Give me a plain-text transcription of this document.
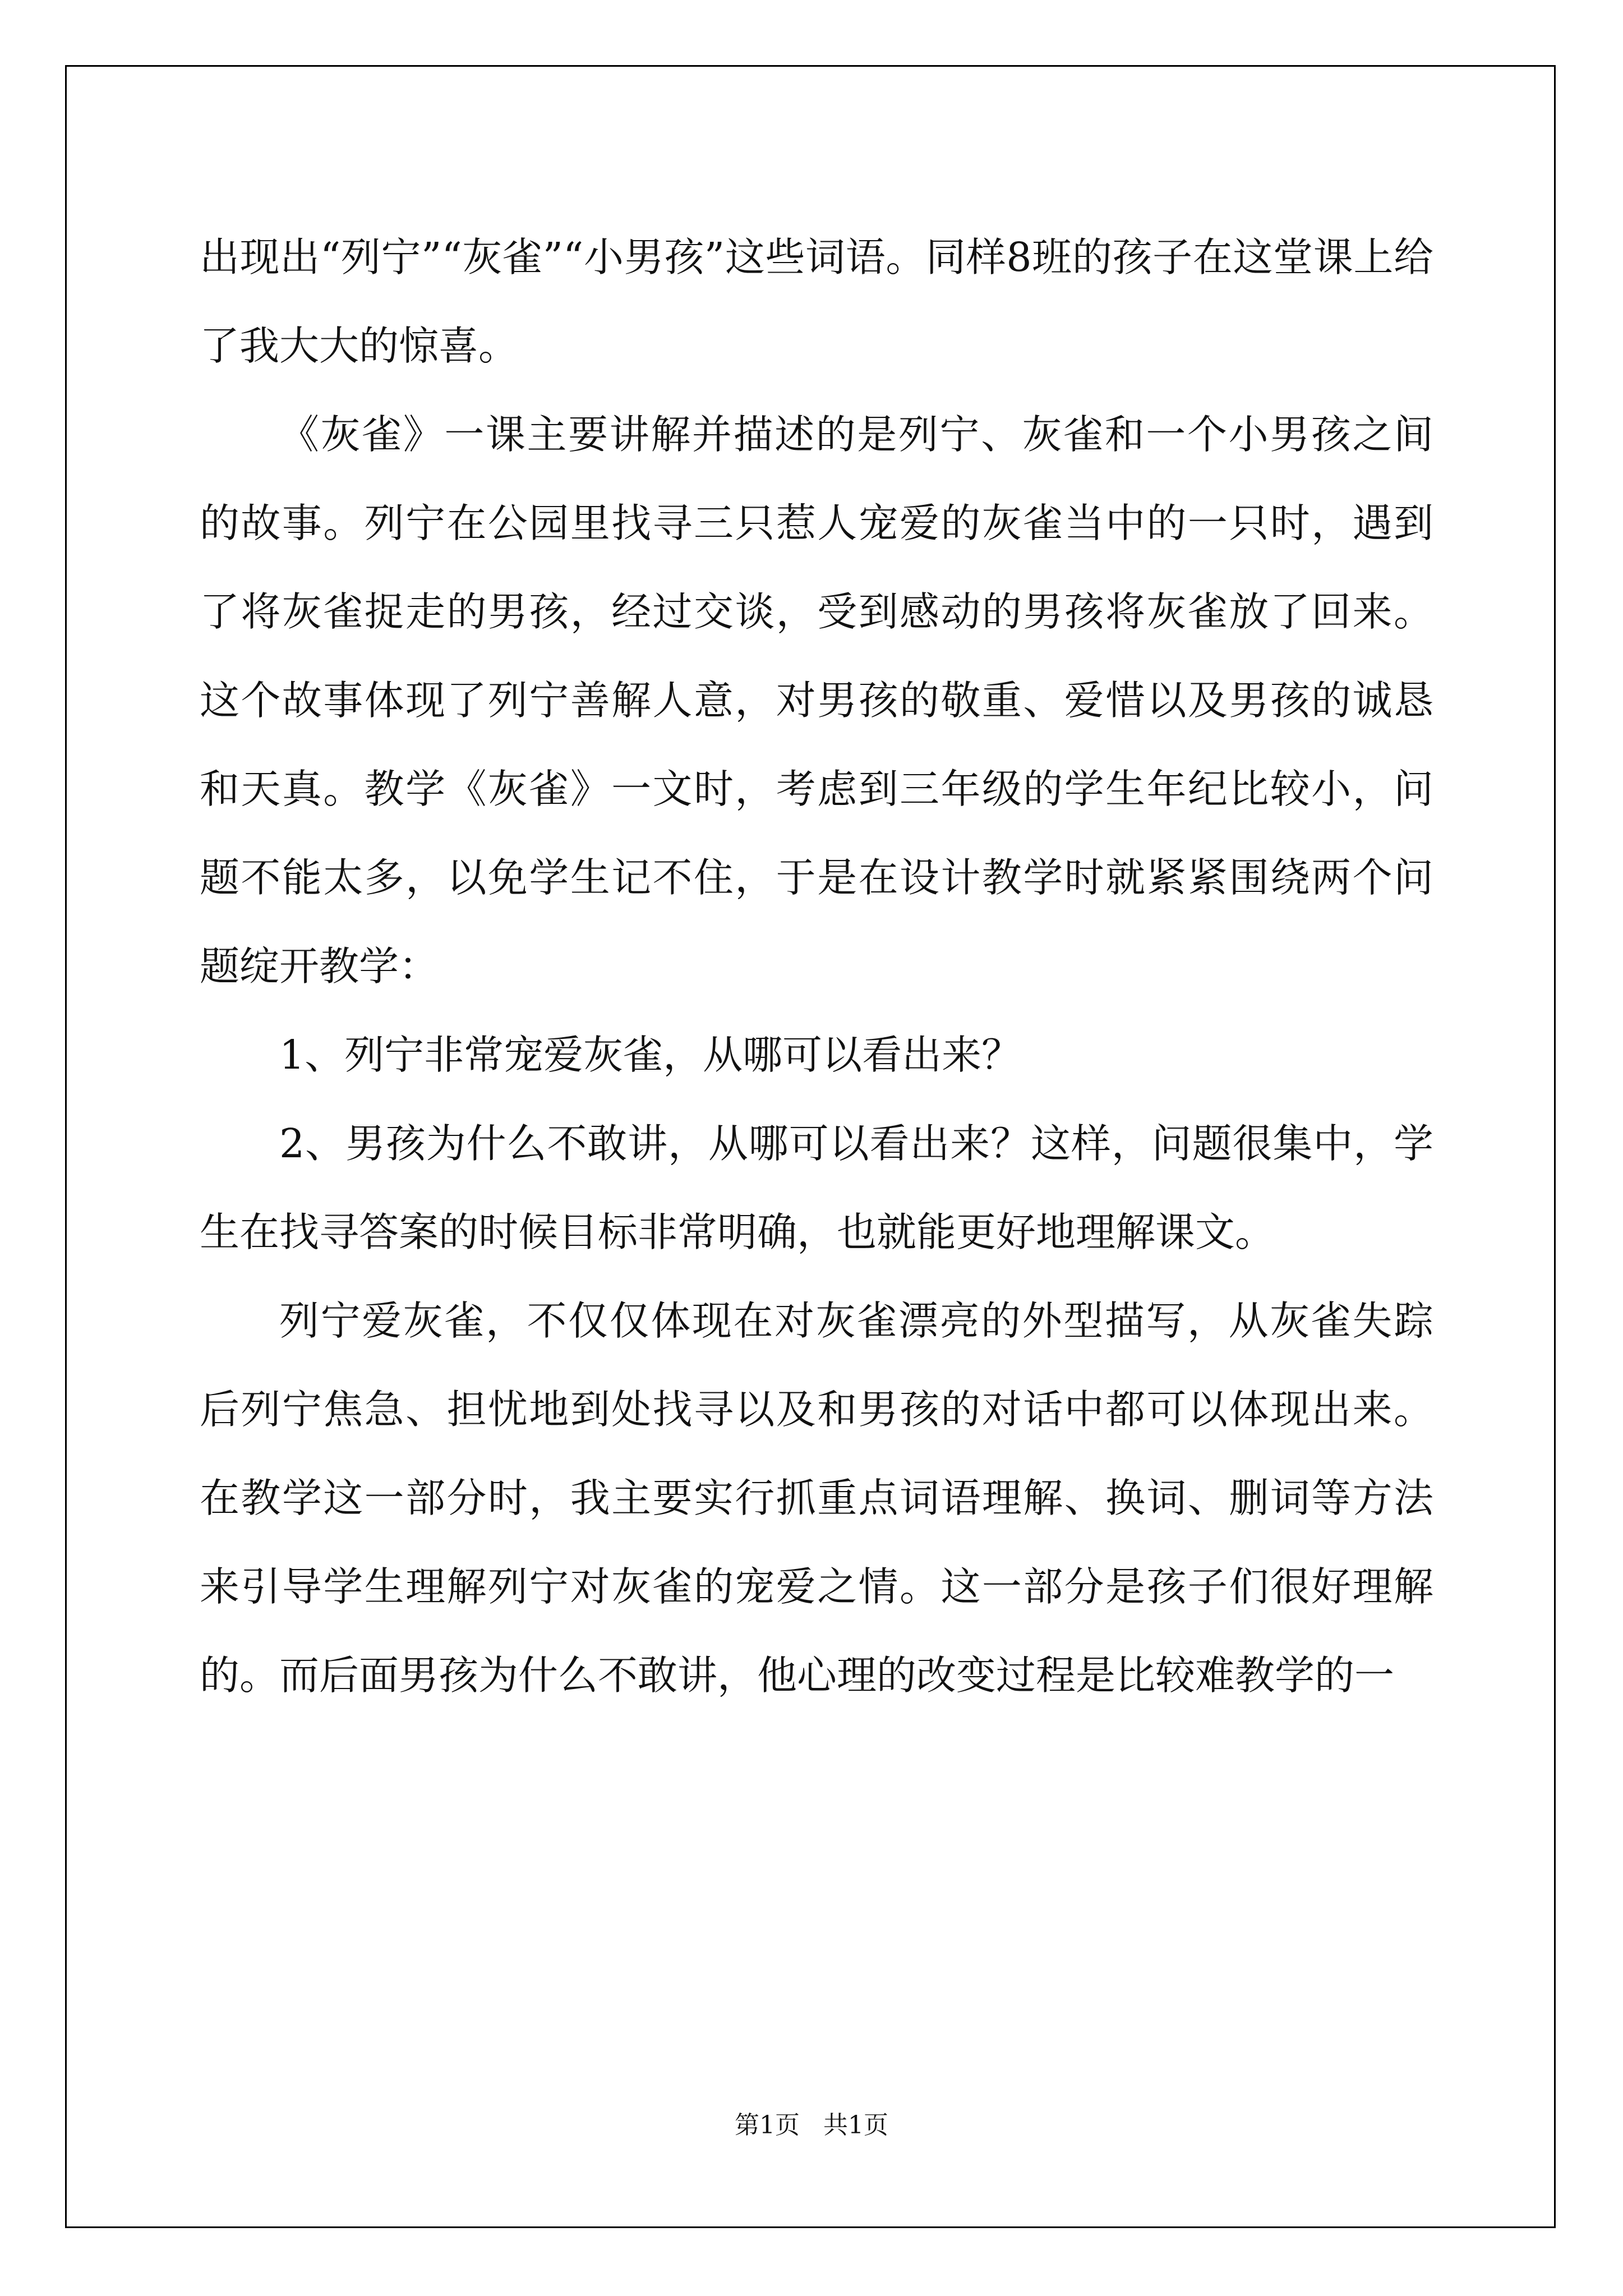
出现出“列宁”“灰雀”“小男孩”这些词语。同样8班的孩子在这堂课上给了我大大的惊喜。

《灰雀》一课主要讲解并描述的是列宁、灰雀和一个小男孩之间的故事。列宁在公园里找寻三只惹人宠爱的灰雀当中的一只时，遇到了将灰雀捉走的男孩，经过交谈，受到感动的男孩将灰雀放了回来。这个故事体现了列宁善解人意，对男孩的敬重、爱惜以及男孩的诚恳和天真。教学《灰雀》一文时，考虑到三年级的学生年纪比较小，问题不能太多，以免学生记不住，于是在设计教学时就紧紧围绕两个问题绽开教学：

1、列宁非常宠爱灰雀，从哪可以看出来？

2、男孩为什么不敢讲，从哪可以看出来？这样，问题很集中，学生在找寻答案的时候目标非常明确，也就能更好地理解课文。

列宁爱灰雀，不仅仅体现在对灰雀漂亮的外型描写，从灰雀失踪后列宁焦急、担忧地到处找寻以及和男孩的对话中都可以体现出来。在教学这一部分时，我主要实行抓重点词语理解、换词、删词等方法来引导学生理解列宁对灰雀的宠爱之情。这一部分是孩子们很好理解的。而后面男孩为什么不敢讲，他心理的改变过程是比较难教学的一

第1页 共1页
